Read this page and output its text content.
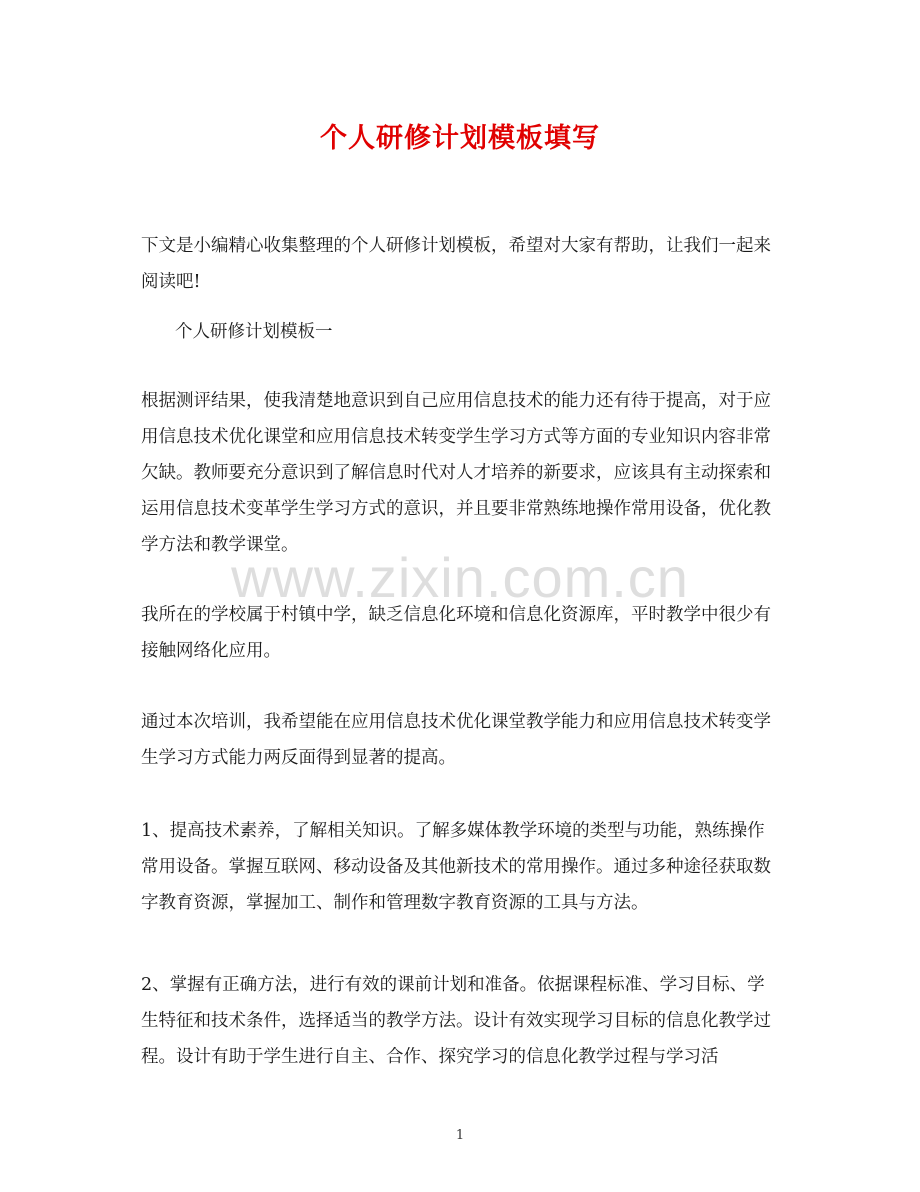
个人研修计划模板填写

下文是小编精心收集整理的个人研修计划模板，希望对大家有帮助，让我们一起来阅读吧!

个人研修计划模板一

根据测评结果，使我清楚地意识到自己应用信息技术的能力还有待于提高，对于应用信息技术优化课堂和应用信息技术转变学生学习方式等方面的专业知识内容非常欠缺。教师要充分意识到了解信息时代对人才培养的新要求，应该具有主动探索和运用信息技术变革学生学习方式的意识，并且要非常熟练地操作常用设备，优化教学方法和教学课堂。

我所在的学校属于村镇中学，缺乏信息化环境和信息化资源库，平时教学中很少有接触网络化应用。

通过本次培训，我希望能在应用信息技术优化课堂教学能力和应用信息技术转变学生学习方式能力两反面得到显著的提高。

1、提高技术素养，了解相关知识。了解多媒体教学环境的类型与功能，熟练操作常用设备。掌握互联网、移动设备及其他新技术的常用操作。通过多种途径获取数字教育资源，掌握加工、制作和管理数字教育资源的工具与方法。

2、掌握有正确方法，进行有效的课前计划和准备。依据课程标准、学习目标、学生特征和技术条件，选择适当的教学方法。设计有效实现学习目标的信息化教学过程。设计有助于学生进行自主、合作、探究学习的信息化教学过程与学习活

www.zixin.com.cn
1
